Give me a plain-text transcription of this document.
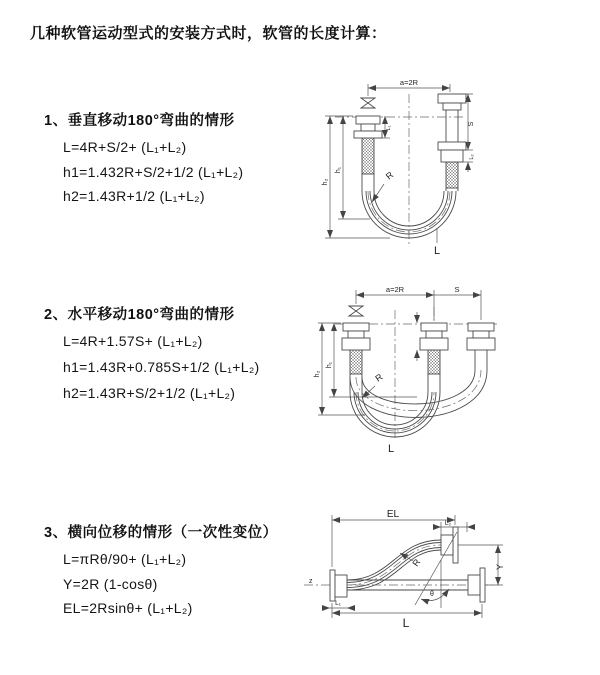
几种软管运动型式的安装方式时，软管的长度计算：
1、垂直移动180°弯曲的情形
L=4R+S/2+ (L₁+L₂)
h1=1.432R+S/2+1/2 (L₁+L₂)
h2=1.43R+1/2 (L₁+L₂)
2、水平移动180°弯曲的情形
L=4R+1.57S+ (L₁+L₂)
h1=1.43R+0.785S+1/2 (L₁+L₂)
h2=1.43R+S/2+1/2 (L₁+L₂)
3、横向位移的情形（一次性变位）
L=πRθ/90+ (L₁+L₂)
Y=2R (1-cosθ)
EL=2Rsinθ+ (L₁+L₂)
a=2R
h₁
h₂
L₁
S
L₂
R
L
a=2R	S
h₁
h₂	R
L
EL
L₂
Y
θ
R
L
L₁
z
